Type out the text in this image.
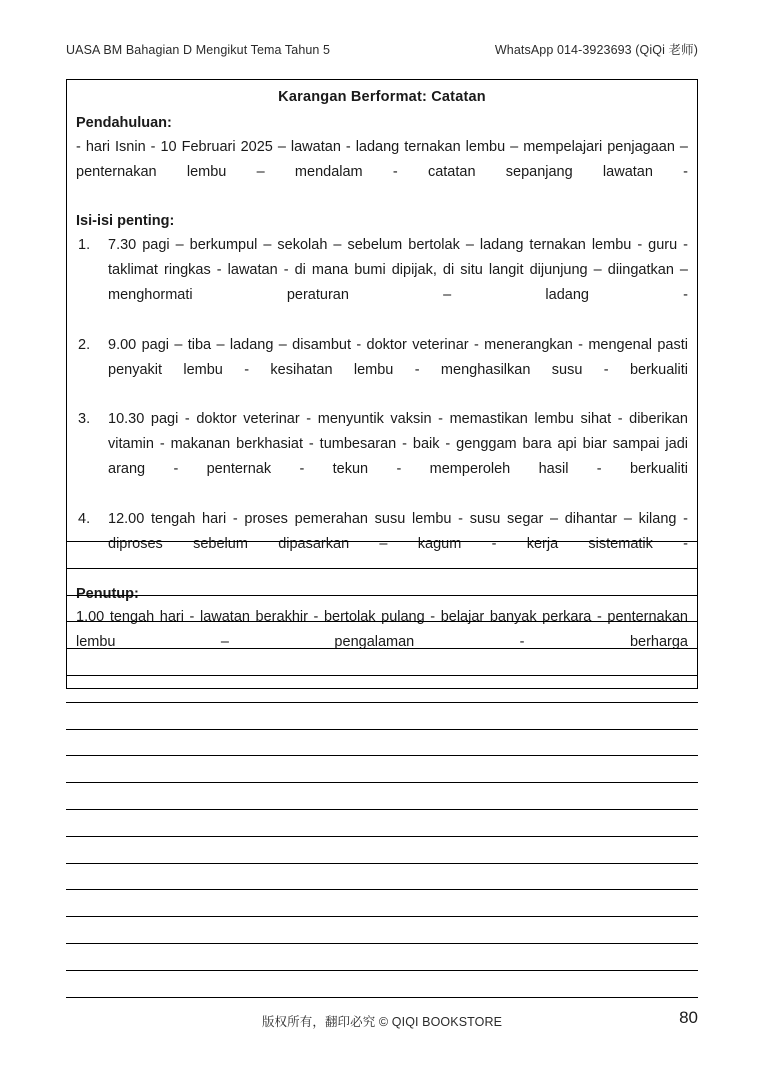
UASA BM Bahagian D Mengikut Tema Tahun 5	WhatsApp 014-3923693 (QiQi 老师)
Karangan Berformat: Catatan
Pendahuluan:
- hari Isnin - 10 Februari 2025 – lawatan - ladang ternakan lembu – mempelajari penjagaan – penternakan lembu – mendalam - catatan sepanjang lawatan -
Isi-isi penting:
1.	7.30 pagi – berkumpul – sekolah – sebelum bertolak – ladang ternakan lembu - guru - taklimat ringkas - lawatan - di mana bumi dipijak, di situ langit dijunjung – diingatkan – menghormati peraturan – ladang -
2.	9.00 pagi – tiba – ladang – disambut - doktor veterinar - menerangkan - mengenal pasti penyakit lembu - kesihatan lembu - menghasilkan susu - berkualiti
3.	10.30 pagi - doktor veterinar - menyuntik vaksin - memastikan lembu sihat - diberikan vitamin - makanan berkhasiat - tumbesaran - baik - genggam bara api biar sampai jadi arang - penternak - tekun - memperoleh hasil - berkualiti
4.	12.00 tengah hari - proses pemerahan susu lembu - susu segar – dihantar – kilang - diproses sebelum dipasarkan – kagum - kerja sistematik -
Penutup:
1.00 tengah hari - lawatan berakhir - bertolak pulang - belajar banyak perkara - penternakan lembu – pengalaman - berharga
版权所有，翻印必究 © QIQI BOOKSTORE	80
